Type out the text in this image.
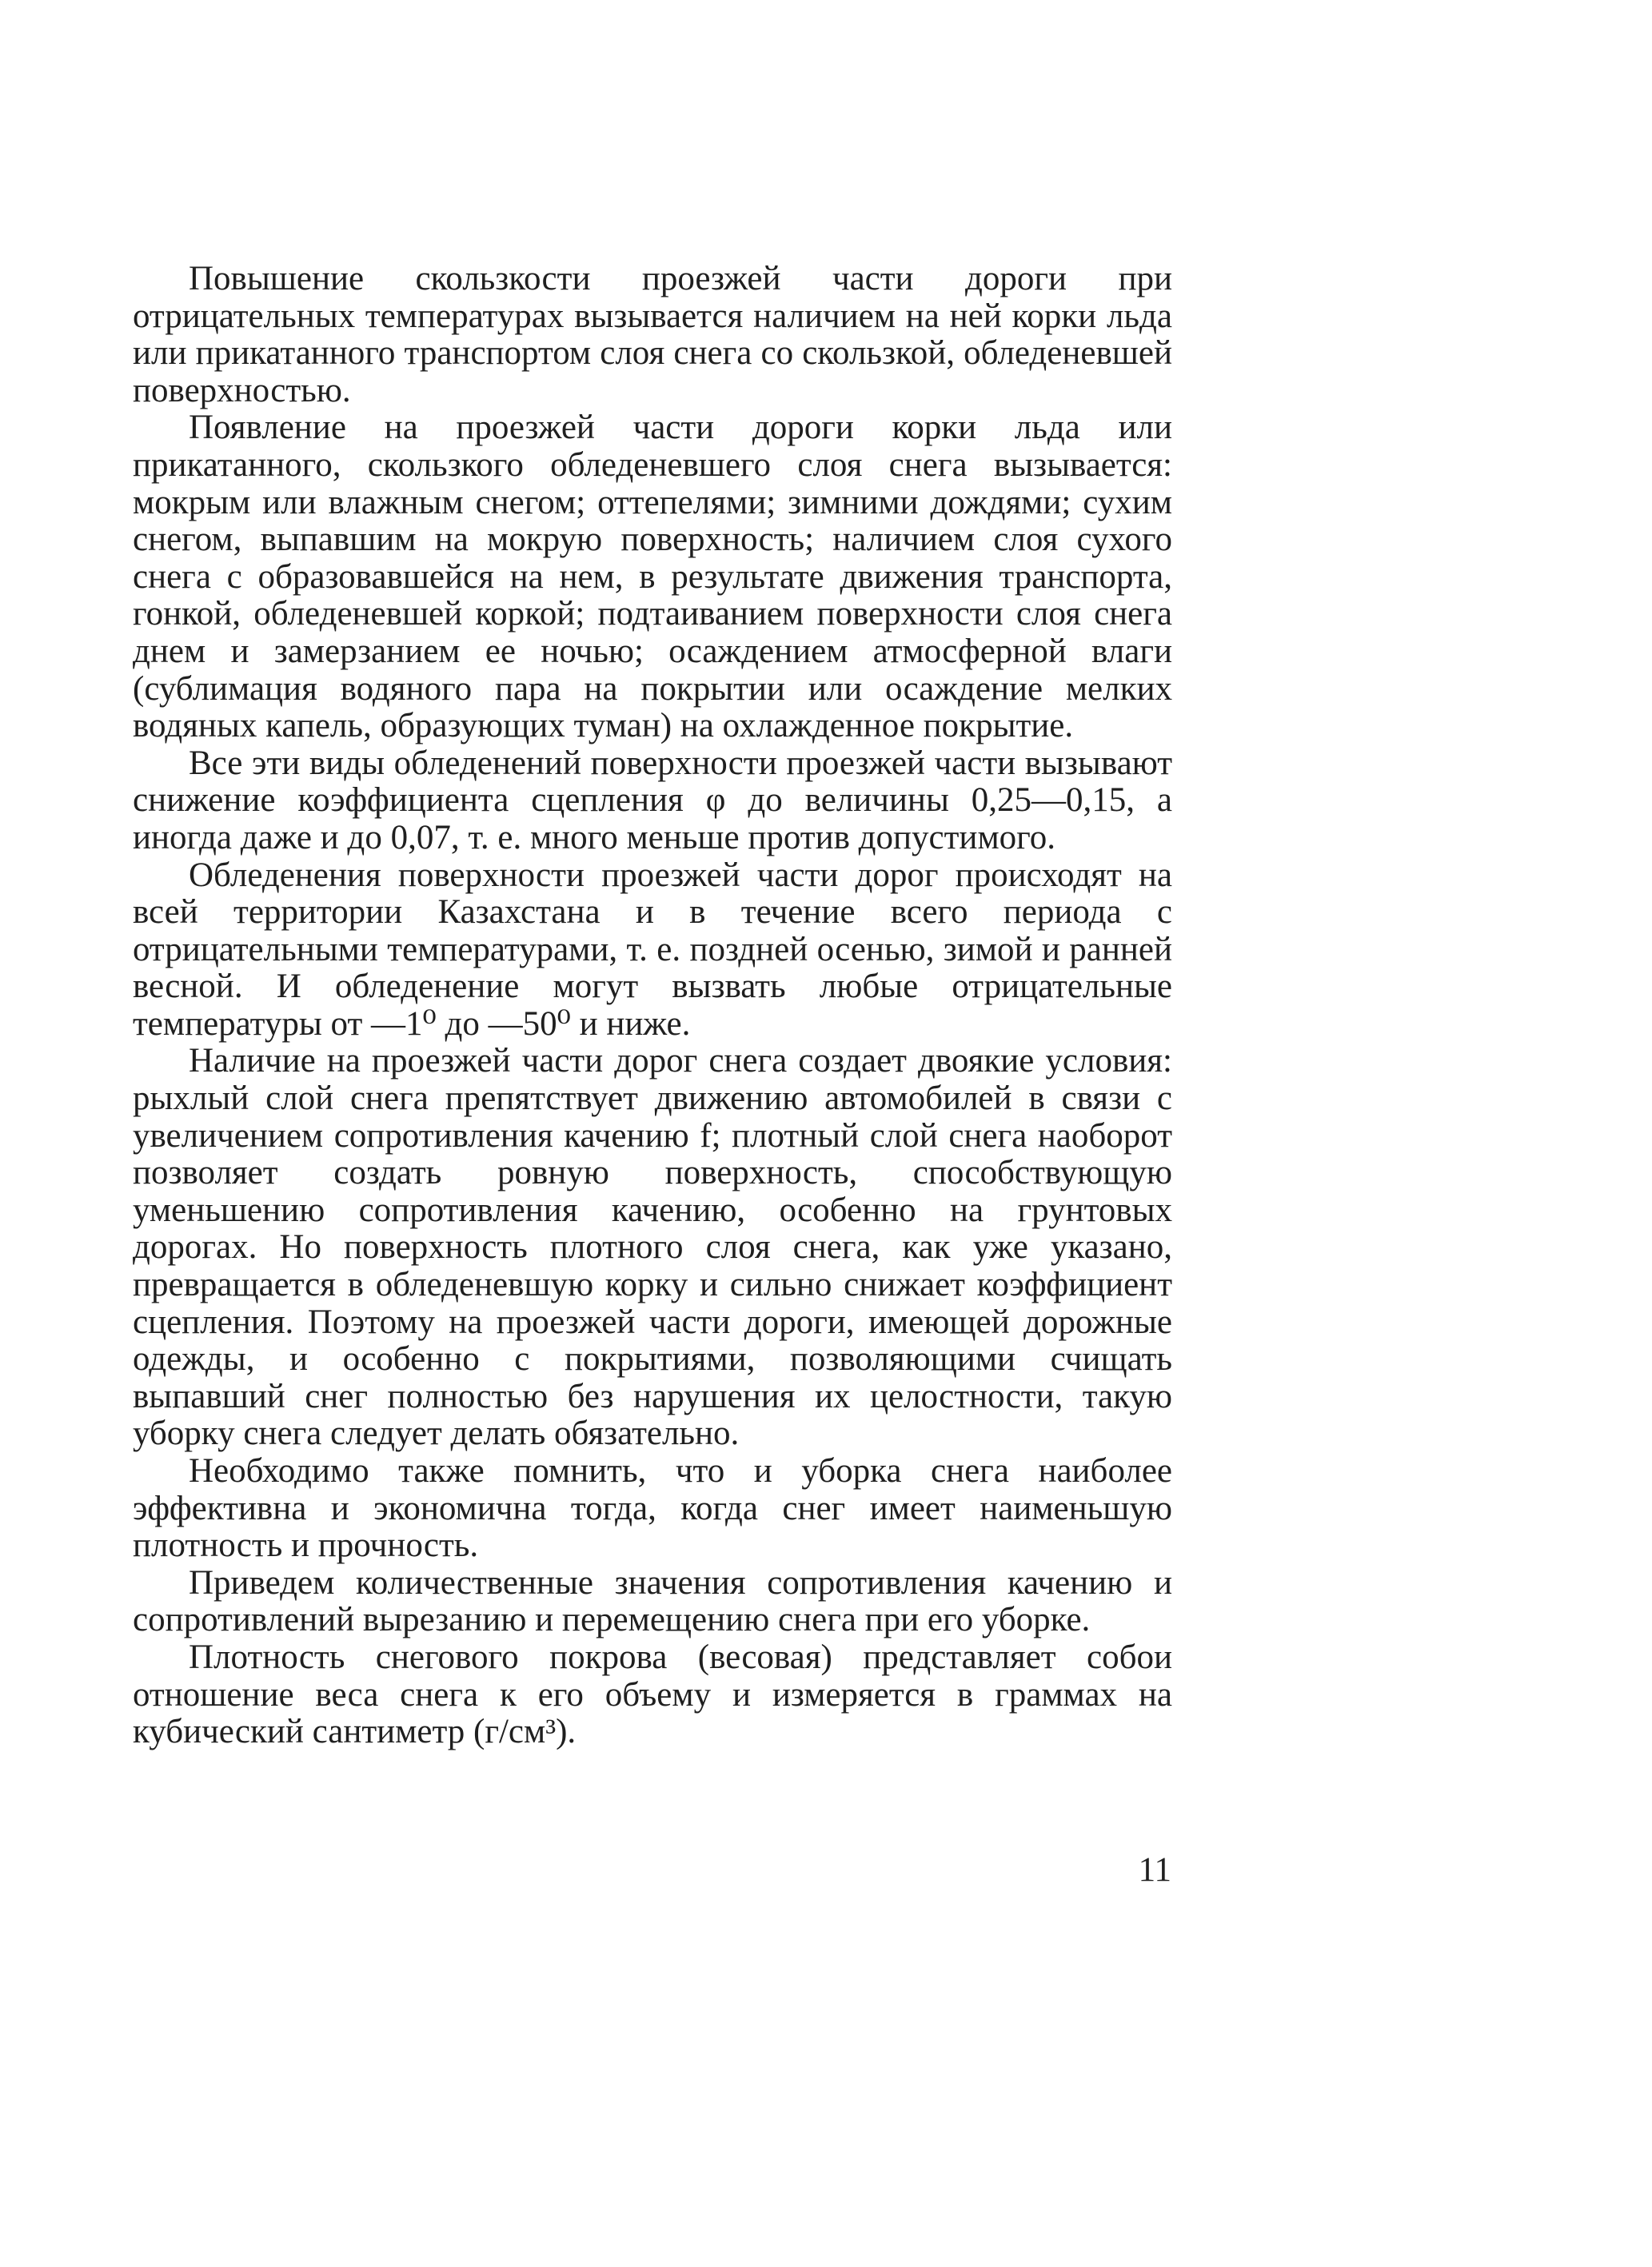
Повышение скользкости проезжей части дороги при отрицательных температурах вызывается наличием на ней корки льда или прикатанного транспортом слоя снега со скользкой, обледеневшей поверхностью.

Появление на проезжей части дороги корки льда или прикатанного, скользкого обледеневшего слоя снега вызывается: мокрым или влажным снегом; оттепелями; зимними дождями; сухим снегом, выпавшим на мокрую поверхность; наличием слоя сухого снега с образовавшейся на нем, в результате движения транспорта, гонкой, обледеневшей коркой; подтаиванием поверхности слоя снега днем и замерзанием ее ночью; осаждением атмосферной влаги (сублимация водяного пара на покрытии или осаждение мелких водяных капель, образующих туман) на охлажденное покрытие.

Все эти виды обледенений поверхности проезжей части вызывают снижение коэффициента сцепления φ до величины 0,25—0,15, а иногда даже и до 0,07, т. е. много меньше против допустимого.

Обледенения поверхности проезжей части дорог происходят на всей территории Казахстана и в течение всего периода с отрицательными температурами, т. е. поздней осенью, зимой и ранней весной. И обледенение могут вызвать любые отрицательные температуры от —1⁰ до —50⁰ и ниже.

Наличие на проезжей части дорог снега создает двоякие условия: рыхлый слой снега препятствует движению автомобилей в связи с увеличением сопротивления качению f; плотный слой снега наоборот позволяет создать ровную поверхность, способствующую уменьшению сопротивления качению, особенно на грунтовых дорогах. Но поверхность плотного слоя снега, как уже указано, превращается в обледеневшую корку и сильно снижает коэффициент сцепления. Поэтому на проезжей части дороги, имеющей дорожные одежды, и особенно с покрытиями, позволяющими счищать выпавший снег полностью без нарушения их целостности, такую уборку снега следует делать обязательно.

Необходимо также помнить, что и уборка снега наиболее эффективна и экономична тогда, когда снег имеет наименьшую плотность и прочность.

Приведем количественные значения сопротивления качению и сопротивлений вырезанию и перемещению снега при его уборке.

Плотность снегового покрова (весовая) представляет собои отношение веса снега к его объему и измеряется в граммах на кубический сантиметр (г/см³).

11
